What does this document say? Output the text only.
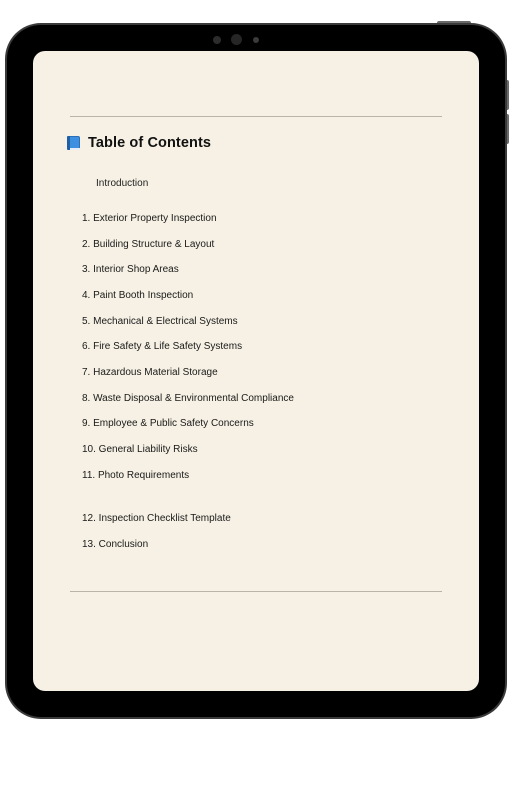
Table of Contents
Introduction
1. Exterior Property Inspection
2. Building Structure & Layout
3. Interior Shop Areas
4. Paint Booth Inspection
5. Mechanical & Electrical Systems
6. Fire Safety & Life Safety Systems
7. Hazardous Material Storage
8. Waste Disposal & Environmental Compliance
9. Employee & Public Safety Concerns
10. General Liability Risks
11. Photo Requirements
12. Inspection Checklist Template
13. Conclusion
